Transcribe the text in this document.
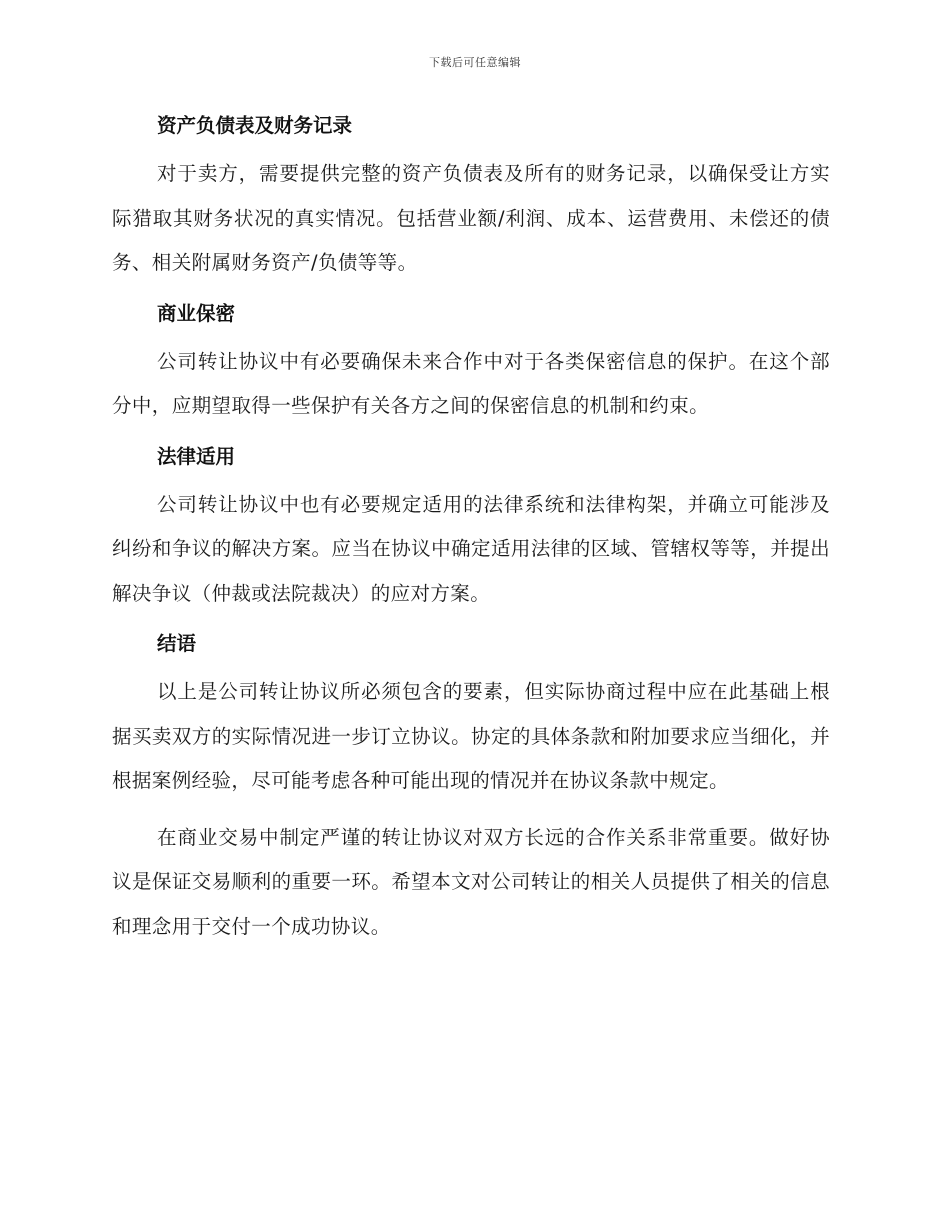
下载后可任意编辑
资产负债表及财务记录

对于卖方，需要提供完整的资产负债表及所有的财务记录，以确保受让方实际猎取其财务状况的真实情况。包括营业额/利润、成本、运营费用、未偿还的债务、相关附属财务资产/负债等等。

商业保密

公司转让协议中有必要确保未来合作中对于各类保密信息的保护。在这个部分中，应期望取得一些保护有关各方之间的保密信息的机制和约束。

法律适用

公司转让协议中也有必要规定适用的法律系统和法律构架，并确立可能涉及纠纷和争议的解决方案。应当在协议中确定适用法律的区域、管辖权等等，并提出解决争议（仲裁或法院裁决）的应对方案。

结语

以上是公司转让协议所必须包含的要素，但实际协商过程中应在此基础上根据买卖双方的实际情况进一步订立协议。协定的具体条款和附加要求应当细化，并根据案例经验，尽可能考虑各种可能出现的情况并在协议条款中规定。

在商业交易中制定严谨的转让协议对双方长远的合作关系非常重要。做好协议是保证交易顺利的重要一环。希望本文对公司转让的相关人员提供了相关的信息和理念用于交付一个成功协议。
